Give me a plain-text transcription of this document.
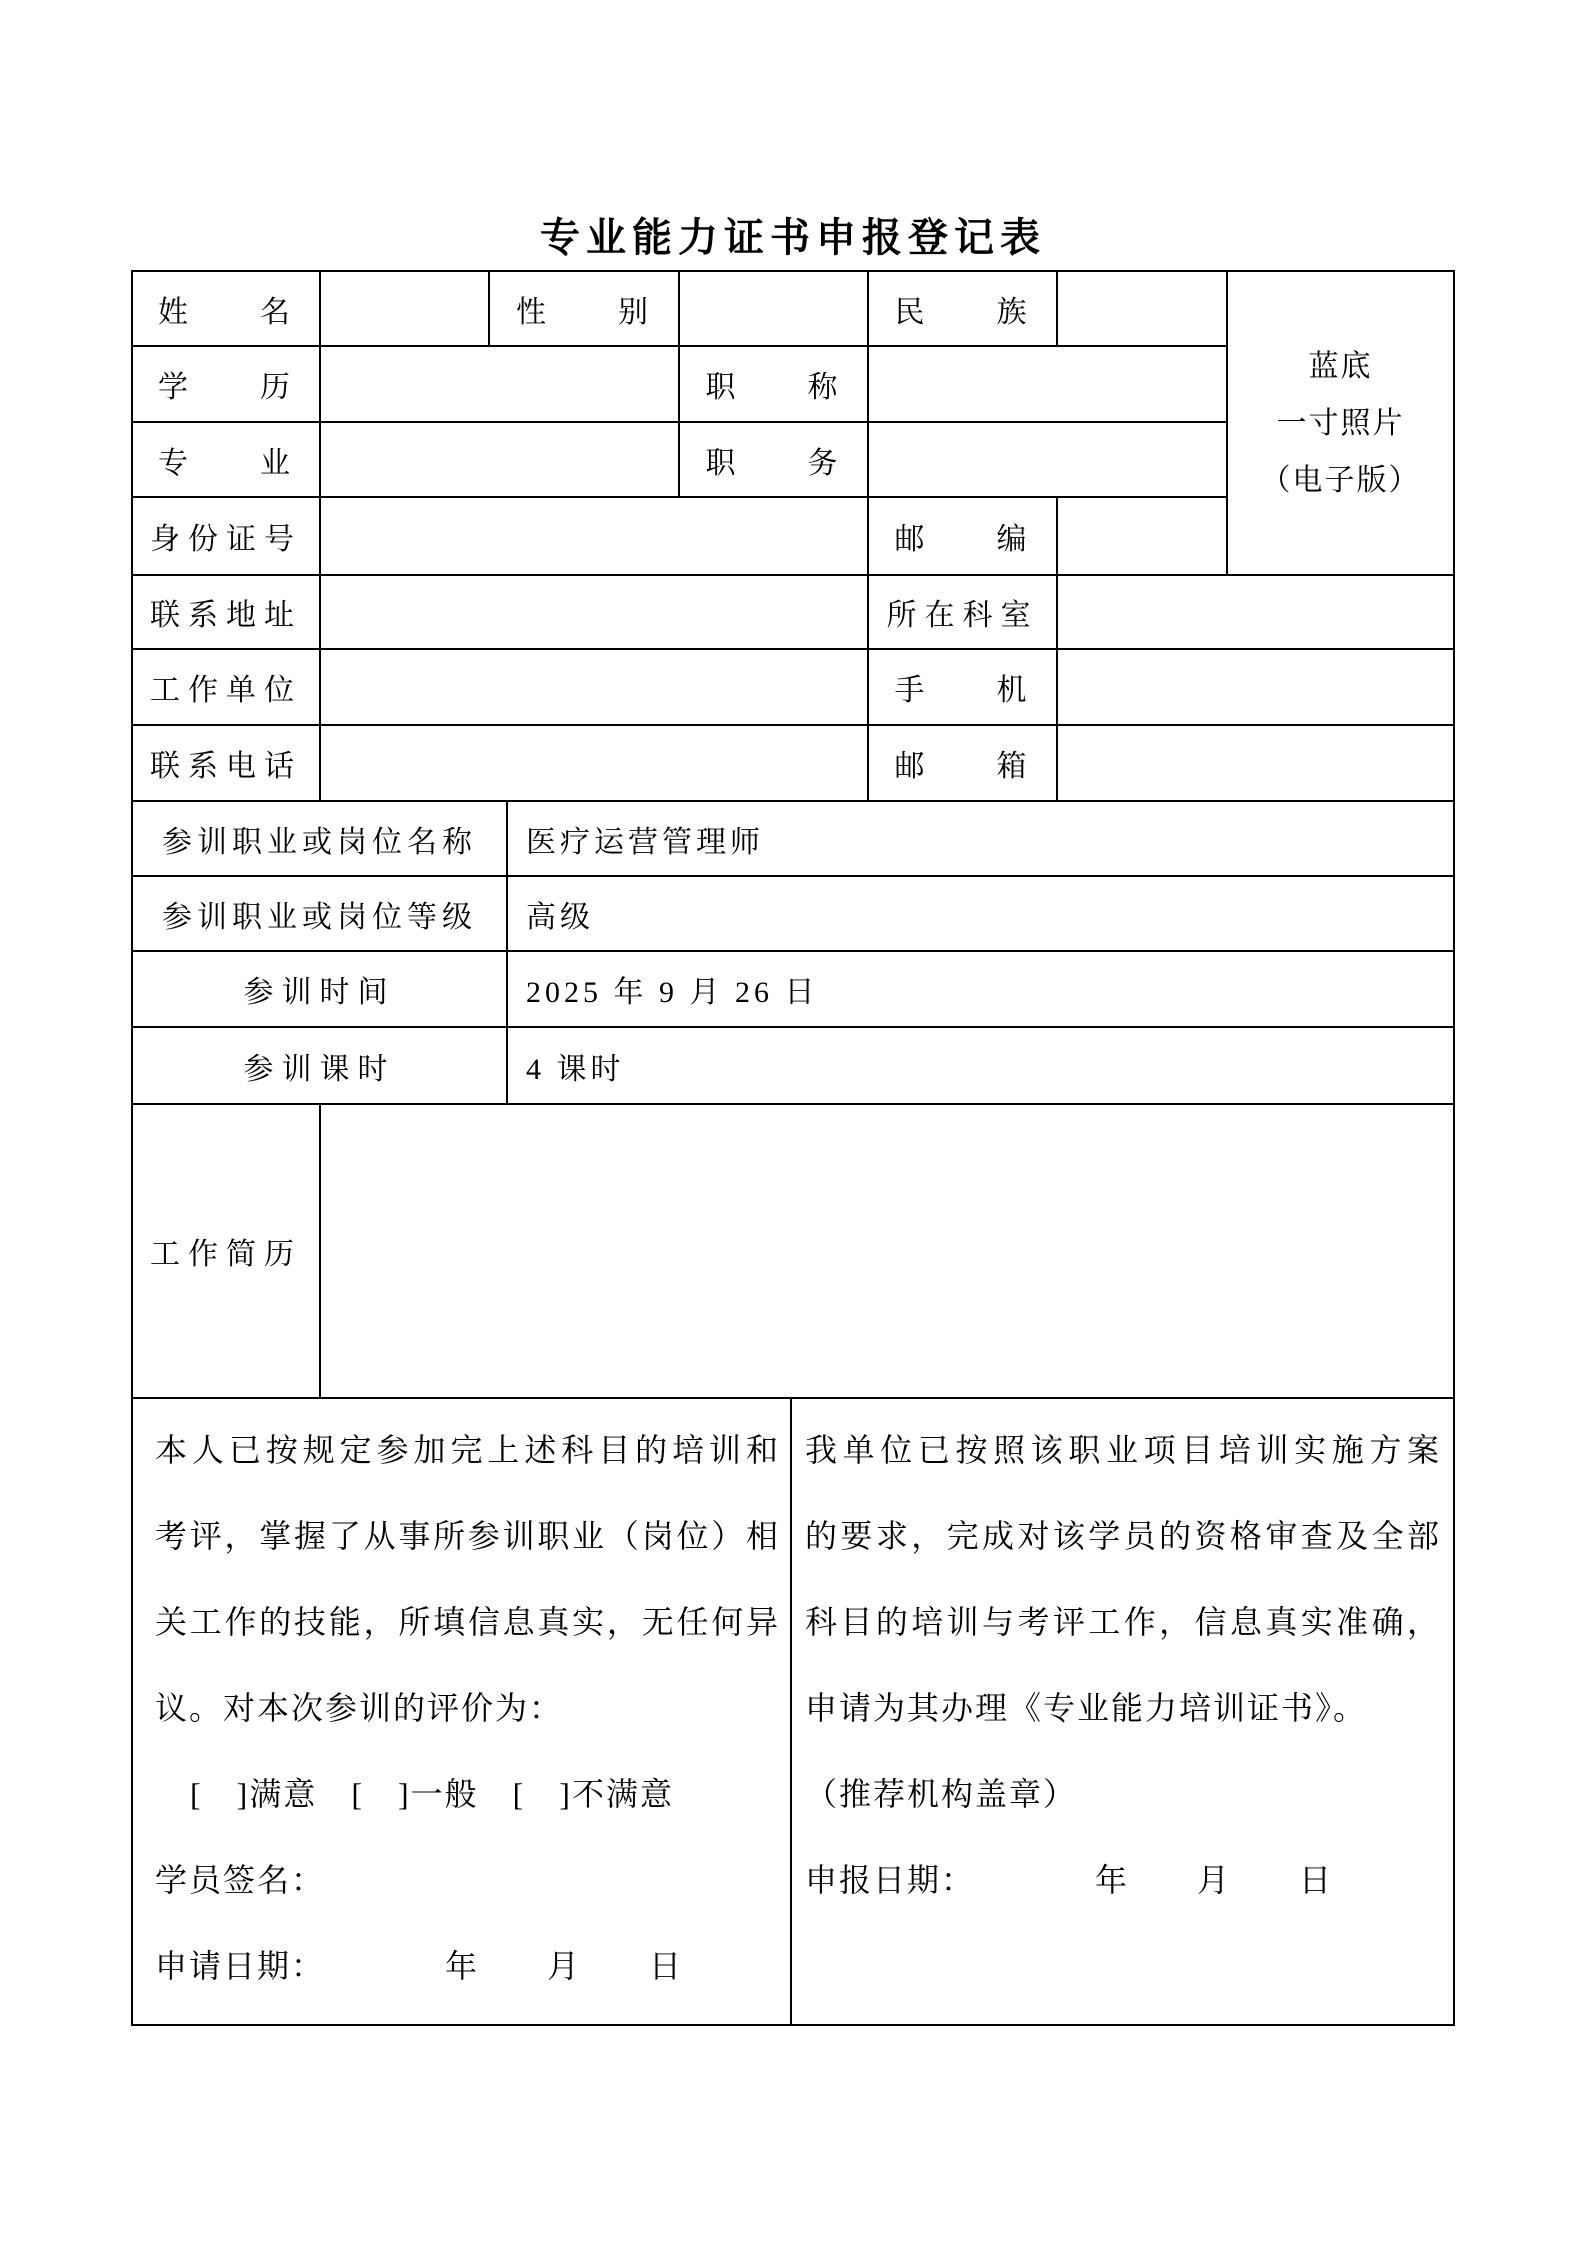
专业能力证书申报登记表
姓　　名	性　　别	民　　族
蓝底
一寸照片
（电子版）
学　　历	职　　称
专　　业	职　　务
身份证号	邮　　编
联系地址	所在科室
工作单位	手　　机
联系电话	邮　　箱
参训职业或岗位名称	医疗运营管理师
参训职业或岗位等级	高级
参训时间	2025 年 9 月 26 日
参训课时	4 课时
工作简历
本人已按规定参加完上述科目的培训和
考评，掌握了从事所参训职业（岗位）相
关工作的技能，所填信息真实，无任何异
议。对本次参训的评价为：
[　]满意　[　]一般　[　]不满意
学员签名：
申请日期：　　　　年　　月　　日
我单位已按照该职业项目培训实施方案
的要求，完成对该学员的资格审查及全部
科目的培训与考评工作，信息真实准确，
申请为其办理《专业能力培训证书》。
（推荐机构盖章）
申报日期：　　　　年　　月　　日
